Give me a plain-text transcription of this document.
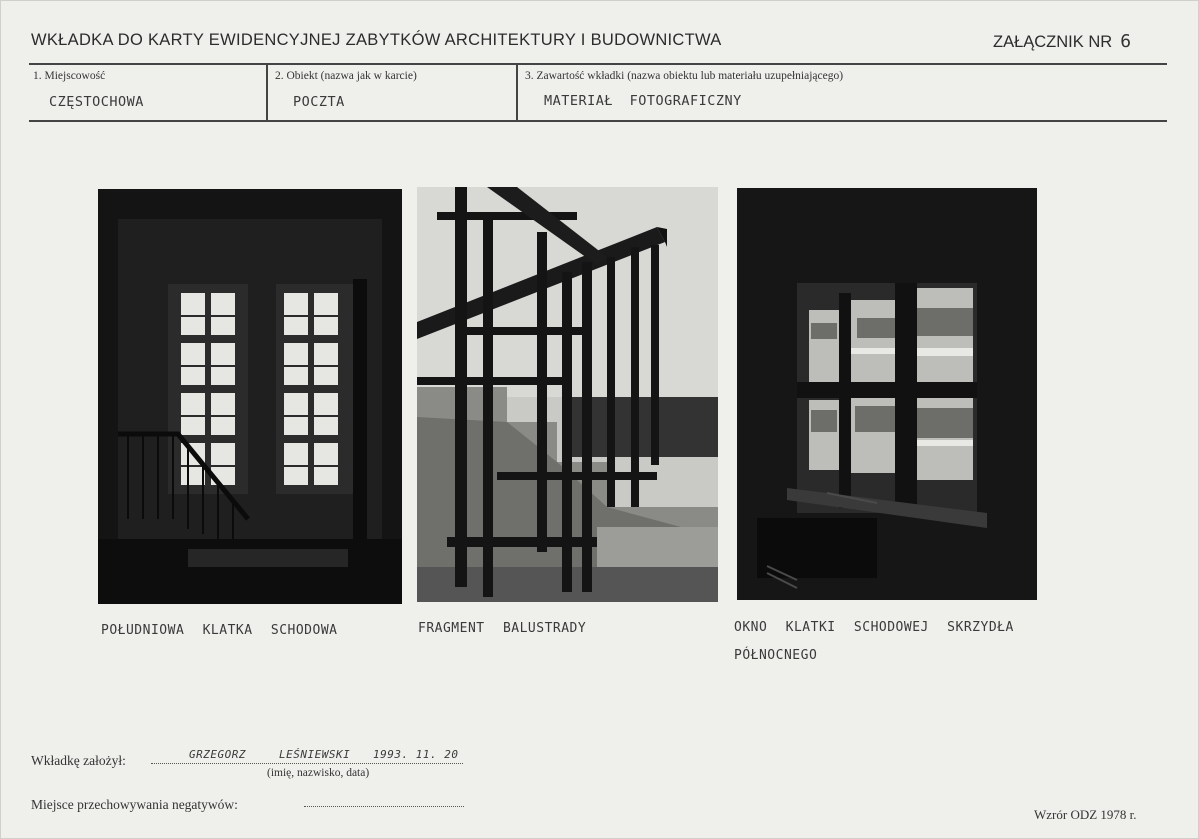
WKŁADKA DO KARTY EWIDENCYJNEJ ZABYTKÓW ARCHITEKTURY I BUDOWNICTWA	ZAŁĄCZNIK NR 6
1. Miejscowość
CZĘSTOCHOWA
2. Obiekt (nazwa jak w karcie)
POCZTA
3. Zawartość wkładki (nazwa obiektu lub materiału uzupełniającego)
MATERIAŁ FOTOGRAFICZNY
POŁUDNIOWA KLATKA SCHODOWA	FRAGMENT BALUSTRADY	OKNO KLATKI SCHODOWEJ SKRZYDŁA
PÓŁNOCNEGO
Wkładkę założył:	GRZEGORZ	LEŚNIEWSKI 1993. 11. 20
(imię, nazwisko, data)
Miejsce przechowywania negatywów:
Wzrór ODZ 1978 r.
